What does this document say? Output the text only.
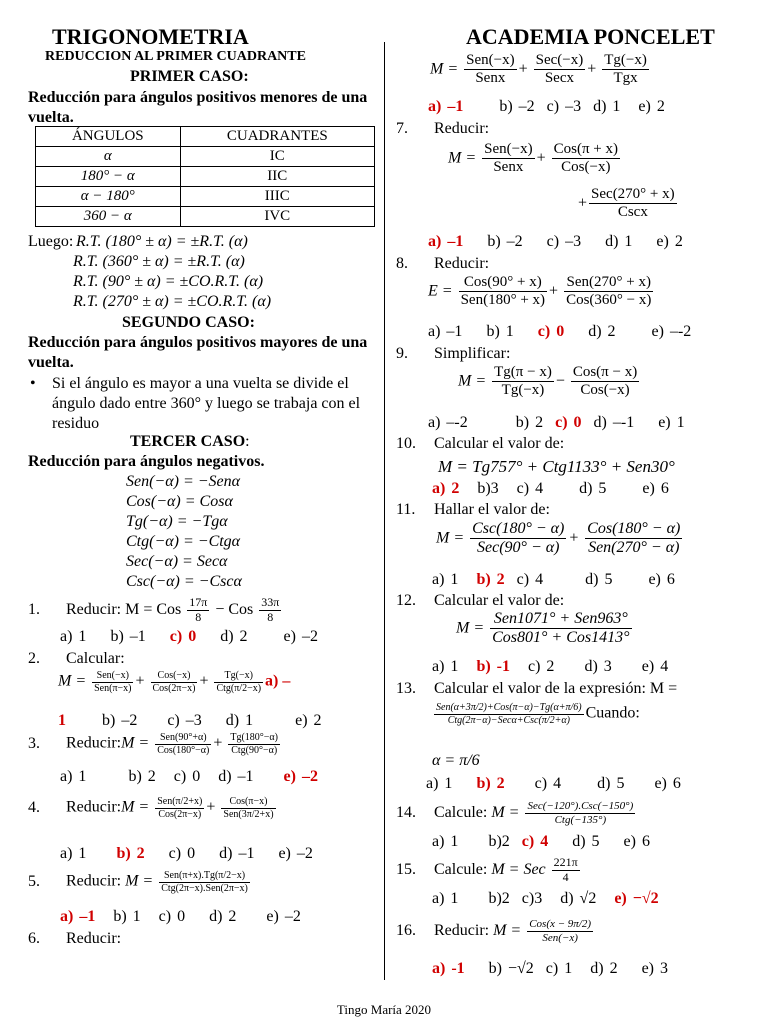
TRIGONOMETRIA
REDUCCION AL PRIMER CUADRANTE
PRIMER CASO:
Reducción para ángulos positivos menores de una vuelta.
ÁNGULOS	CUADRANTES
α	IC
180° − α	IIC
α − 180°	IIIC
360 − α	IVC
Luego: R.T. (180° ± α) = ±R.T. (α)
R.T. (360° ± α) = ±R.T. (α)
R.T. (90° ± α) = ±CO.R.T. (α)
R.T. (270° ± α) = ±CO.R.T. (α)
SEGUNDO CASO:
Reducción para ángulos positivos mayores de una vuelta.
•	Si el ángulo es mayor a una vuelta se divide el ángulo dado entre 360° y luego se trabaja con el residuo
TERCER CASO:
Reducción para ángulos negativos.
Sen(−α) = −Senα
Cos(−α) = Cosα
Tg(−α) = −Tgα
Ctg(−α) = −Ctgα
Sec(−α) = Secα
Csc(−α) = −Cscα
1. Reducir: M = Cos $\frac{17\pi}{8}$ − Cos $\frac{33\pi}{8}$
a) 1 b) –1 c) 0 d) 2 e) –2
2. Calcular:
$M = \frac{\text{Sen(−x)}}{\text{Sen(π−x)}} + \frac{\text{Cos(−x)}}{\text{Cos(2π−x)}} + \frac{Tg(-x)}{\text{Ctg(π/2−x)}} a$) –
1 b) –2 c) –3 d) 1	e) 2
3. Reducir:M = $\frac{\text{Sen(90°+α)}}{\text{Cos(180°−α)}} + \frac{Tg(180^\circ-\alpha)}{\text{Ctg(90°−α)}}$
a) 1	b) 2 c) 0 d) –1 e) –2
4. Reducir:M = $\frac{\text{Sen(π/2+x)}}{\text{Cos(2π−x)}} + \frac{\text{Cos(π−x)}}{\text{Sen(3π/2+x)}}$
a) 1 b) 2 c) 0 d) –1 e) –2
5. Reducir: $M = \frac{\text{Sen(π+x).Tg(π/2−x)}}{\text{Ctg(2π−x).Sen(2π−x)}}$
a) –1 b) 1 c) 0 d) 2 e) –2
6. Reducir:
ACADEMIA PONCELET
$M = \frac{\text{Sen(−x)}}{\text{Senx}} + \frac{\text{Sec(−x)}}{\text{Secx}} + \frac{Tg(-x)}{\text{Tgx}}$
a) –1 b) –2 c) –3 d) 1 e) 2
7. Reducir:
$M = \frac{\text{Sen(−x)}}{\text{Senx}} + \frac{\text{Cos(π + x)}}{\text{Cos(−x)}}$
+ $\frac{\text{Sec(270° + x)}}{\text{Cscx}}$
a) –1 b) –2 c) –3 d) 1 e) 2
8. Reducir:
$E = \frac{\text{Cos(90° + x)}}{\text{Sen(180° + x)}} + \frac{\text{Sen(270° + x)}}{\text{Cos(360° − x)}}$
a) –1 b) 1 c) 0 d) 2 e) –-2
9. Simplificar:
$M = \frac{Tg(\pi - x)}{Tg(-x)} - \frac{\text{Cos(π − x)}}{\text{Cos(−x)}}$
a) –-2	b) 2 c) 0 d) –-1 e) 1
10. Calcular el valor de:
M = Tg757° + Ctg1133° + Sen30°
a) 2 b)3 c) 4 d) 5 e) 6
11. Hallar el valor de:
$M = \frac{\text{Csc(180° − α)}}{\text{Sec(90° − α)}} + \frac{\text{Cos(180° − α)}}{\text{Sen(270° − α)}}$
a) 1 b) 2 c) 4	d) 5 e) 6
12. Calcular el valor de:
$M = \frac{\text{Sen1071° + Sen963°}}{\text{Cos801° + Cos1413°}}$
a) 1 b) -1 c) 2 d) 3 e) 4
13. Calcular el valor de la expresión: M =
$\frac{\text{Sen(α+3π/2)+Cos(π−α)−Tg(α+π/6)}}{\text{Ctg(2π−α)−Secα+Csc(π/2+α)}}$ Cuando:
α = π/6
a) 1 b) 2 c) 4 d) 5 e) 6
14. Calcule: $M = \frac{\text{Sec(−120°).Csc(−150°)}}{\text{Ctg(−135°)}}$
a) 1 b)2 c) 4 d) 5 e) 6
15. Calcule: M = Sec $\frac{221\pi}{4}$
a) 1 b)2 c)3 d) √2 e) −√2
16. Reducir: $M = \frac{\text{Cos(x − 9π/2)}}{\text{Sen(−x)}}$
a) -1 b) −√2 c) 1 d) 2 e) 3
Tingo María 2020
